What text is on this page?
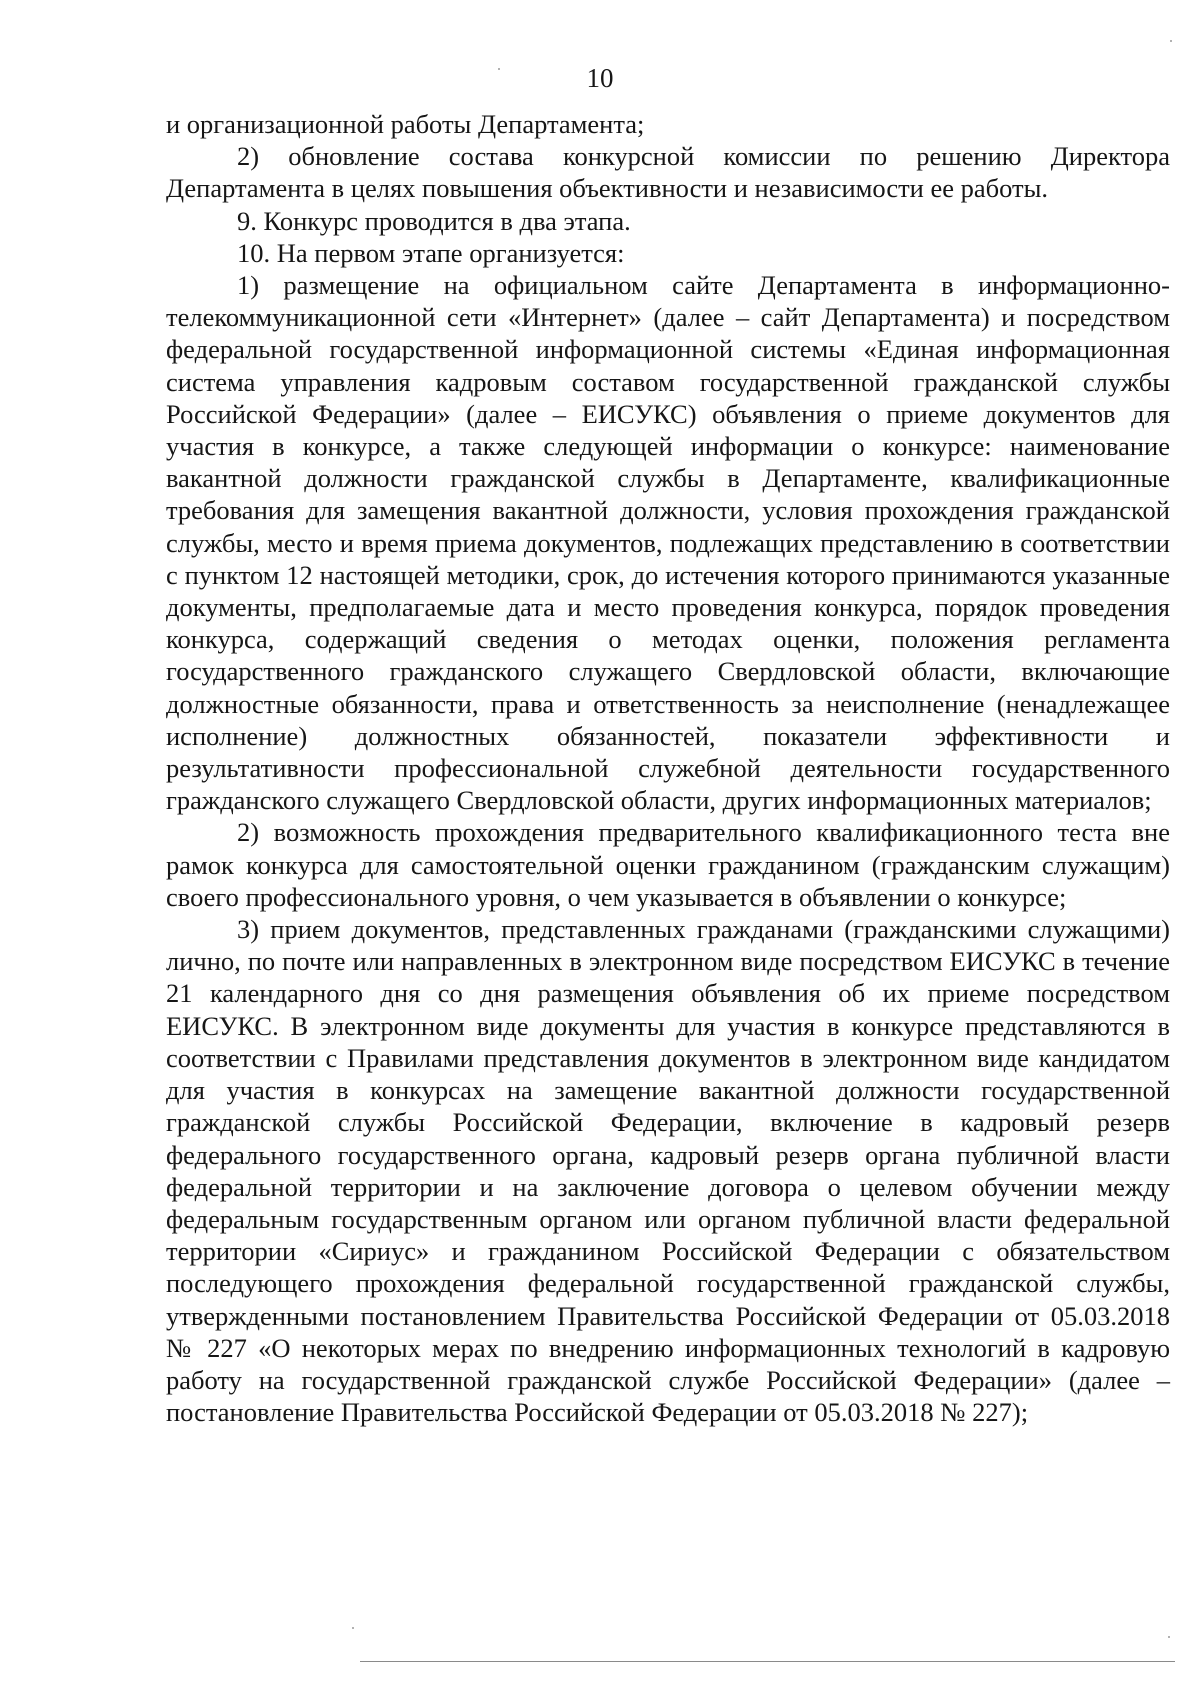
10

и организационной работы Департамента;

2) обновление состава конкурсной комиссии по решению Директора Департамента в целях повышения объективности и независимости ее работы.

9. Конкурс проводится в два этапа.

10. На первом этапе организуется:

1) размещение на официальном сайте Департамента в информационно-телекоммуникационной сети «Интернет» (далее – сайт Департамента) и посредством федеральной государственной информационной системы «Единая информационная система управления кадровым составом государственной гражданской службы Российской Федерации» (далее – ЕИСУКС) объявления о приеме документов для участия в конкурсе, а также следующей информации о конкурсе: наименование вакантной должности гражданской службы в Департаменте, квалификационные требования для замещения вакантной должности, условия прохождения гражданской службы, место и время приема документов, подлежащих представлению в соответствии с пунктом 12 настоящей методики, срок, до истечения которого принимаются указанные документы, предполагаемые дата и место проведения конкурса, порядок проведения конкурса, содержащий сведения о методах оценки, положения регламента государственного гражданского служащего Свердловской области, включающие должностные обязанности, права и ответственность за неисполнение (ненадлежащее исполнение) должностных обязанностей, показатели эффективности и результативности профессиональной служебной деятельности государственного гражданского служащего Свердловской области, других информационных материалов;

2) возможность прохождения предварительного квалификационного теста вне рамок конкурса для самостоятельной оценки гражданином (гражданским служащим) своего профессионального уровня, о чем указывается в объявлении о конкурсе;

3) прием документов, представленных гражданами (гражданскими служащими) лично, по почте или направленных в электронном виде посредством ЕИСУКС в течение 21 календарного дня со дня размещения объявления об их приеме посредством ЕИСУКС. В электронном виде документы для участия в конкурсе представляются в соответствии с Правилами представления документов в электронном виде кандидатом для участия в конкурсах на замещение вакантной должности государственной гражданской службы Российской Федерации, включение в кадровый резерв федерального государственного органа, кадровый резерв органа публичной власти федеральной территории и на заключение договора о целевом обучении между федеральным государственным органом или органом публичной власти федеральной территории «Сириус» и гражданином Российской Федерации с обязательством последующего прохождения федеральной государственной гражданской службы, утвержденными постановлением Правительства Российской Федерации от 05.03.2018 № 227 «О некоторых мерах по внедрению информационных технологий в кадровую работу на государственной гражданской службе Российской Федерации» (далее – постановление Правительства Российской Федерации от 05.03.2018 № 227);
